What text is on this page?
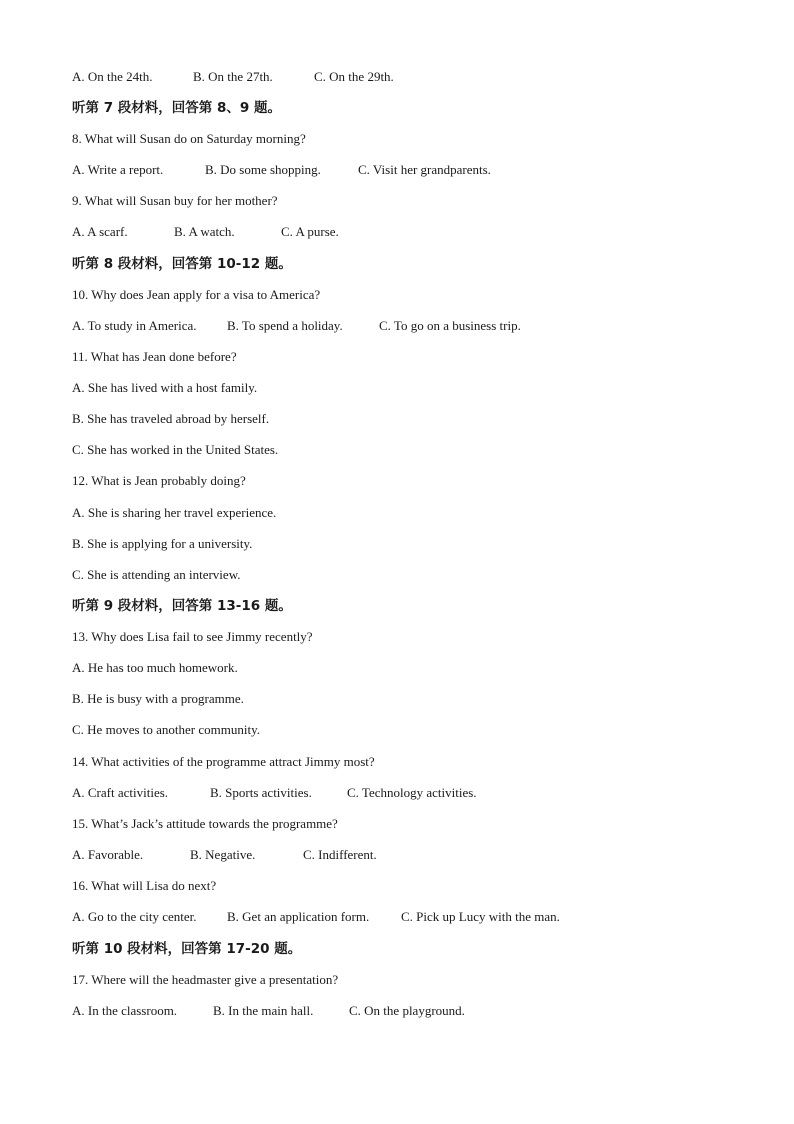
A. On the 24th.	B. On the 27th.	C. On the 29th.
听第 7 段材料，回答第 8、9 题。
8. What will Susan do on Saturday morning?
A. Write a report.	B. Do some shopping.	C. Visit her grandparents.
9. What will Susan buy for her mother?
A. A scarf.	B. A watch.	C. A purse.
听第 8 段材料，回答第 10-12 题。
10. Why does Jean apply for a visa to America?
A. To study in America. B. To spend a holiday.	C. To go on a business trip.
11. What has Jean done before?
A. She has lived with a host family.
B. She has traveled abroad by herself.
C. She has worked in the United States.
12. What is Jean probably doing?
A. She is sharing her travel experience.
B. She is applying for a university.
C. She is attending an interview.
听第 9 段材料，回答第 13-16 题。
13. Why does Lisa fail to see Jimmy recently?
A. He has too much homework.
B. He is busy with a programme.
C. He moves to another community.
14. What activities of the programme attract Jimmy most?
A. Craft activities.	B. Sports activities.	C. Technology activities.
15. What’s Jack’s attitude towards the programme?
A. Favorable.	B. Negative.	C. Indifferent.
16. What will Lisa do next?
A. Go to the city center. B. Get an application form. C. Pick up Lucy with the man.
听第 10 段材料，回答第 17-20 题。
17. Where will the headmaster give a presentation?
A. In the classroom.	B. In the main hall.	C. On the playground.
